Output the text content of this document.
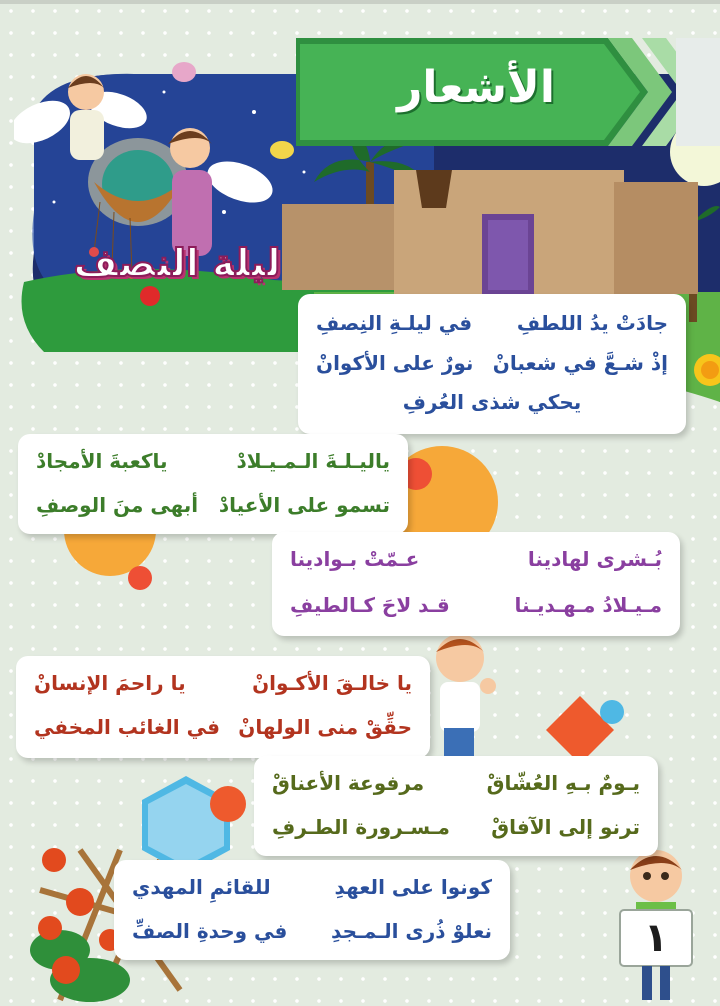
الأشعار
ليلة النصف
١
جادَتْ يدُ اللطفِ
في ليلـةِ النِصفِ
إذْ شـعَّ في شعبانْ
نورٌ على الأكوانْ
يحكي شذى العُرفِ
ياليـلـةَ الـمـيـلادْ
ياكعبةَ الأمجادْ
تسمو على الأعيادْ
أبهى منَ الوصفِ
بُـشرى لهادينا
عـمّتْ بـوادينا
مـيـلادُ مـهـديـنا
قـد لاحَ كـالطيفِ
يا خالـقَ الأكـوانْ
يا راحمَ الإنسانْ
حقِّقْ منى الولهانْ
في الغائب المخفي
يـومٌ بـهِ العُشّاقْ
مرفوعة الأعناقْ
ترنو إلى الآفاقْ
مـسـرورة الطـرفِ
كونوا على العهدِ
للقائمِ المهدي
نعلوْ ذُرى الـمـجدِ
في وحدةِ الصفِّ
